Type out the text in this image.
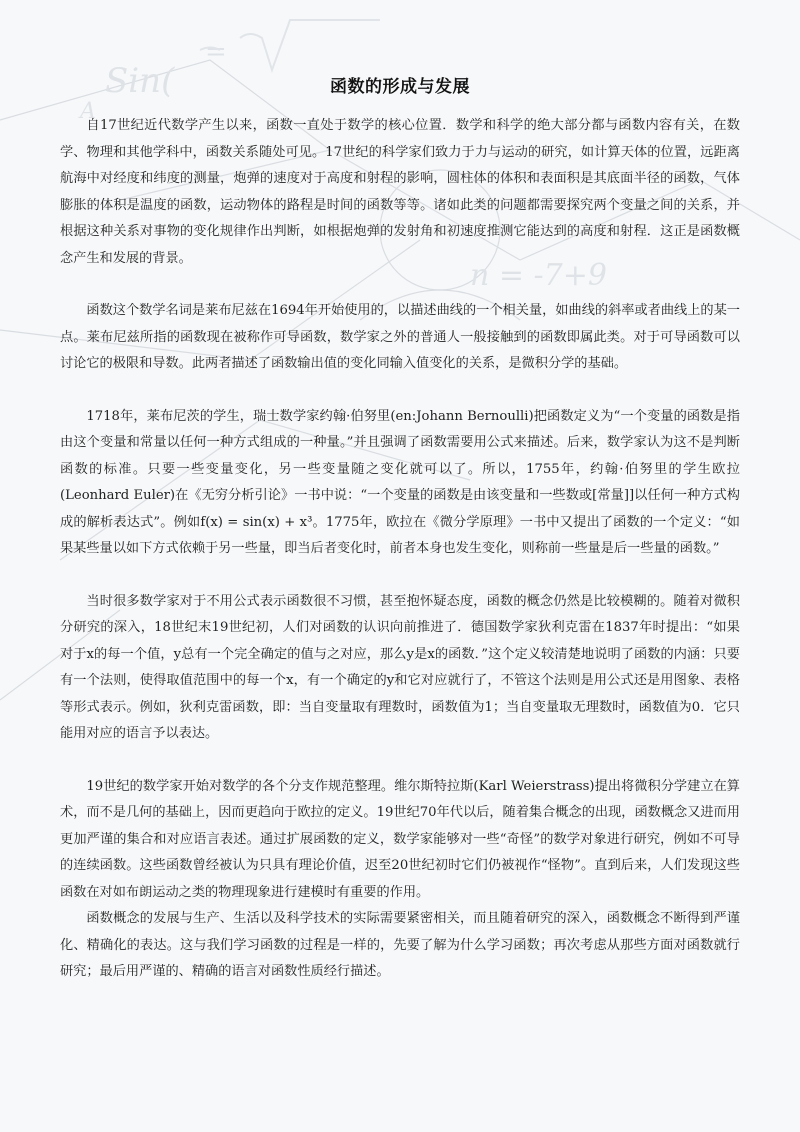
Sin(
=
A
n = -7+9
函数的形成与发展

自17世纪近代数学产生以来，函数一直处于数学的核心位置．数学和科学的绝大部分都与函数内容有关，在数学、物理和其他学科中，函数关系随处可见。17世纪的科学家们致力于力与运动的研究，如计算天体的位置，远距离航海中对经度和纬度的测量，炮弹的速度对于高度和射程的影响，圆柱体的体积和表面积是其底面半径的函数，气体膨胀的体积是温度的函数，运动物体的路程是时间的函数等等。诸如此类的问题都需要探究两个变量之间的关系，并根据这种关系对事物的变化规律作出判断，如根据炮弹的发射角和初速度推测它能达到的高度和射程．这正是函数概念产生和发展的背景。

函数这个数学名词是莱布尼兹在1694年开始使用的，以描述曲线的一个相关量，如曲线的斜率或者曲线上的某一点。莱布尼兹所指的函数现在被称作可导函数，数学家之外的普通人一般接触到的函数即属此类。对于可导函数可以讨论它的极限和导数。此两者描述了函数输出值的变化同输入值变化的关系，是微积分学的基础。

1718年，莱布尼茨的学生，瑞士数学家约翰·伯努里(en:Johann Bernoulli)把函数定义为“一个变量的函数是指由这个变量和常量以任何一种方式组成的一种量。”并且强调了函数需要用公式来描述。后来，数学家认为这不是判断函数的标准。只要一些变量变化，另一些变量随之变化就可以了。所以，1755年，约翰·伯努里的学生欧拉(Leonhard Euler)在《无穷分析引论》一书中说：“一个变量的函数是由该变量和一些数或[常量]]以任何一种方式构成的解析表达式”。例如f(x) = sin(x) + x³。1775年，欧拉在《微分学原理》一书中又提出了函数的一个定义：“如果某些量以如下方式依赖于另一些量，即当后者变化时，前者本身也发生变化，则称前一些量是后一些量的函数。”

当时很多数学家对于不用公式表示函数很不习惯，甚至抱怀疑态度，函数的概念仍然是比较模糊的。随着对微积分研究的深入，18世纪末19世纪初，人们对函数的认识向前推进了．德国数学家狄利克雷在1837年时提出：“如果对于x的每一个值，y总有一个完全确定的值与之对应，那么y是x的函数．”这个定义较清楚地说明了函数的内涵：只要有一个法则，使得取值范围中的每一个x，有一个确定的y和它对应就行了，不管这个法则是用公式还是用图象、表格等形式表示。例如，狄利克雷函数，即：当自变量取有理数时，函数值为1；当自变量取无理数时，函数值为0．它只能用对应的语言予以表达。

19世纪的数学家开始对数学的各个分支作规范整理。维尔斯特拉斯(Karl Weierstrass)提出将微积分学建立在算术，而不是几何的基础上，因而更趋向于欧拉的定义。19世纪70年代以后，随着集合概念的出现，函数概念又进而用更加严谨的集合和对应语言表述。通过扩展函数的定义，数学家能够对一些“奇怪”的数学对象进行研究，例如不可导的连续函数。这些函数曾经被认为只具有理论价值，迟至20世纪初时它们仍被视作“怪物”。直到后来，人们发现这些函数在对如布朗运动之类的物理现象进行建模时有重要的作用。

函数概念的发展与生产、生活以及科学技术的实际需要紧密相关，而且随着研究的深入，函数概念不断得到严谨化、精确化的表达。这与我们学习函数的过程是一样的，先要了解为什么学习函数；再次考虑从那些方面对函数就行研究；最后用严谨的、精确的语言对函数性质经行描述。
